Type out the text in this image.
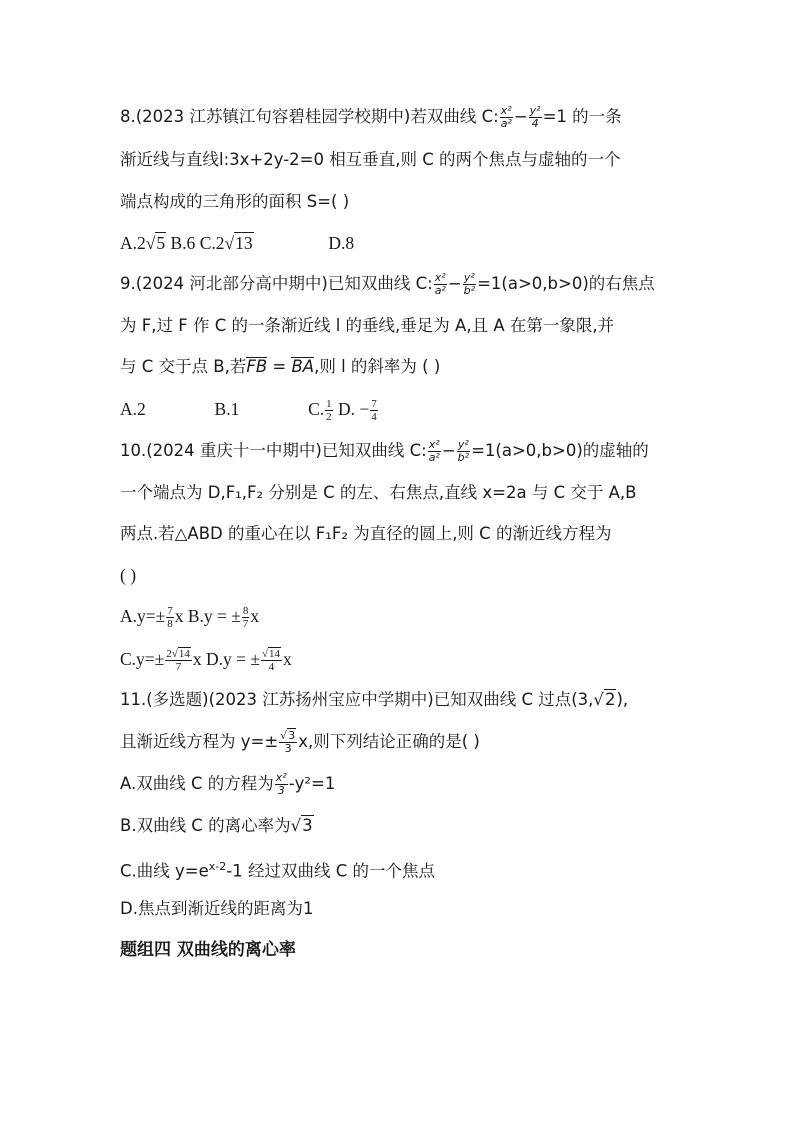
8.(2023 江苏镇江句容碧桂园学校期中)若双曲线 C: $\frac{\text{x²}}{\text{a²}} - \frac{\text{y²}}{4} =1$ 的一条
渐近线与直线l:3x+2y-2=0 相互垂直,则 C 的两个焦点与虚轴的一个
端点构成的三角形的面积 S=( )
A.2√5 B.6 C.2√13	D.8
9.(2024 河北部分高中期中)已知双曲线 C: $\frac{\text{x²}}{\text{a²}} - \frac{\text{y²}}{\text{b²}} =1(a>0,b>0)$的右焦点
为 F,过 F 作 C 的一条渐近线 l 的垂线,垂足为 A,且 A 在第一象限,并
与 C 交于点 B,若FB = BA,则 l 的斜率为 ( )
A.2	B.1	C. $\frac{1}{2} D$. − $\frac{7}{4}$
10.(2024 重庆十一中期中)已知双曲线 C: $\frac{\text{x²}}{\text{a²}} - \frac{\text{y²}}{\text{b²}} =1(a>0,b>0)$的虚轴的
一个端点为 D,F₁,F₂ 分别是 C 的左、右焦点,直线 x=2a 与 C 交于 A,B
两点.若△ABD 的重心在以 F₁F₂ 为直径的圆上,则 C 的渐近线方程为
( )
$A.y=\pm \frac{7}{8}$ x B.y = ± $\frac{8}{7}$ x
$C.y=\pm \frac{2√14}{7}$ x D.y = ± $\frac{√14}{4}$ x
11.(多选题)(2023 江苏扬州宝应中学期中)已知双曲线 C 过点(3,√2),
且渐近线方程为 $y=\pm \frac{√3}{3} x$,则下列结论正确的是( )
A.双曲线 C 的方程为 $\frac{\text{x²}}{3} -y^2=1$
B.双曲线 C 的离心率为√3
C.曲线 $y=e^{x-2}-1$ 经过双曲线 C 的一个焦点
D.焦点到渐近线的距离为1
题组四 双曲线的离心率
